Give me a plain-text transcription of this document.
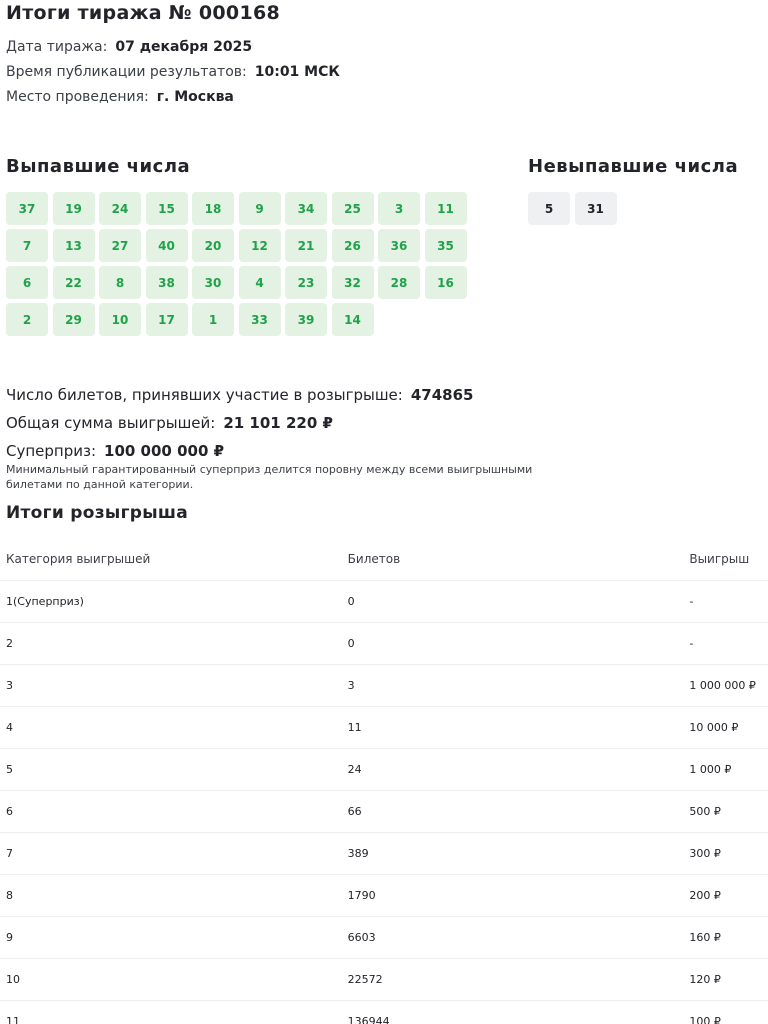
Итоги тиража № 000168
Дата тиража: 07 декабря 2025
Время публикации результатов: 10:01 МСК
Место проведения: г. Москва
Выпавшие числа	Невыпавшие числа
37	19	24	15	18	9	34	25	3	11
7	13	27	40	20	12	21	26	36	35
6	22	8	38	30	4	23	32	28	16
2	29	10	17	1	33	39	14
5	31
Число билетов, принявших участие в розыгрыше: 474865
Общая сумма выигрышей: 21 101 220 ₽
Суперприз: 100 000 000 ₽

Минимальный гарантированный суперприз делится поровну между всеми выигрышными билетами по данной категории.

Итоги розыгрыша
Категория выигрышей	Билетов	Выигрыш
1(Суперприз)	0	-
2	0	-
3	3	1 000 000 ₽
4	11	10 000 ₽
5	24	1 000 ₽
6	66	500 ₽
7	389	300 ₽
8	1790	200 ₽
9	6603	160 ₽
10	22572	120 ₽
11	136944	100 ₽
